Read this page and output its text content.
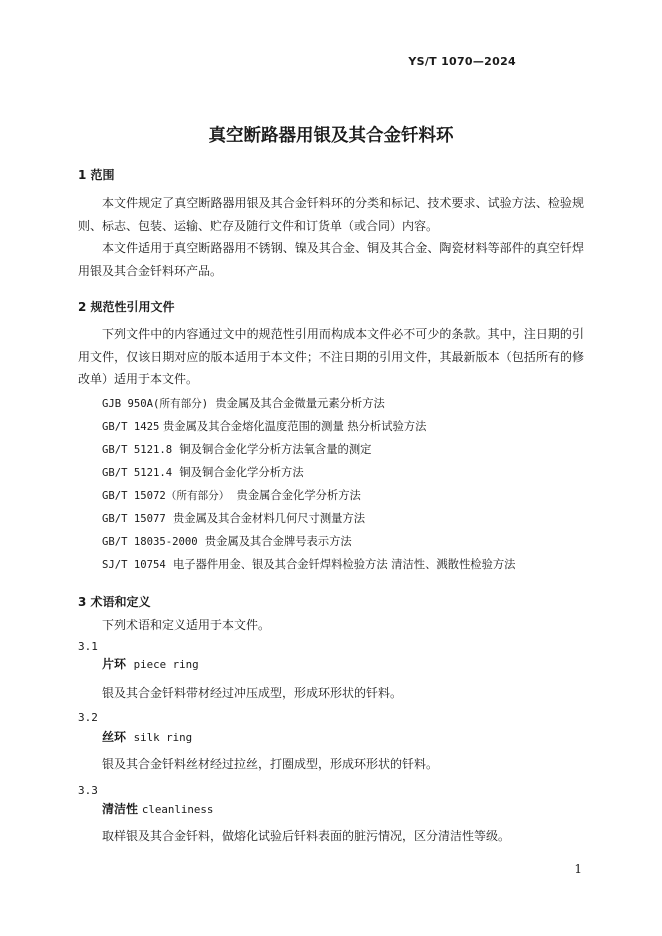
YS/T 1070—2024
真空断路器用银及其合金钎料环
1 范围

本文件规定了真空断路器用银及其合金钎料环的分类和标记、技术要求、试验方法、检验规则、标志、包装、运输、贮存及随行文件和订货单（或合同）内容。

本文件适用于真空断路器用不锈钢、镍及其合金、铜及其合金、陶瓷材料等部件的真空钎焊用银及其合金钎料环产品。

2 规范性引用文件

下列文件中的内容通过文中的规范性引用而构成本文件必不可少的条款。其中，注日期的引用文件，仅该日期对应的版本适用于本文件；不注日期的引用文件，其最新版本（包括所有的修改单）适用于本文件。

GJB 950A(所有部分) 贵金属及其合金微量元素分析方法
GB/T 1425 贵金属及其合金熔化温度范围的测量 热分析试验方法
GB/T 5121.8 铜及铜合金化学分析方法氧含量的测定
GB/T 5121.4 铜及铜合金化学分析方法
GB/T 15072（所有部分） 贵金属合金化学分析方法
GB/T 15077 贵金属及其合金材料几何尺寸测量方法
GB/T 18035-2000 贵金属及其合金牌号表示方法
SJ/T 10754 电子器件用金、银及其合金钎焊料检验方法 清洁性、溅散性检验方法
3 术语和定义
下列术语和定义适用于本文件。
3.1
片环 piece ring
银及其合金钎料带材经过冲压成型，形成环形状的钎料。
3.2
丝环 silk ring
银及其合金钎料丝材经过拉丝，打圈成型，形成环形状的钎料。
3.3
清洁性 cleanliness
取样银及其合金钎料，做熔化试验后钎料表面的脏污情况，区分清洁性等级。
1
